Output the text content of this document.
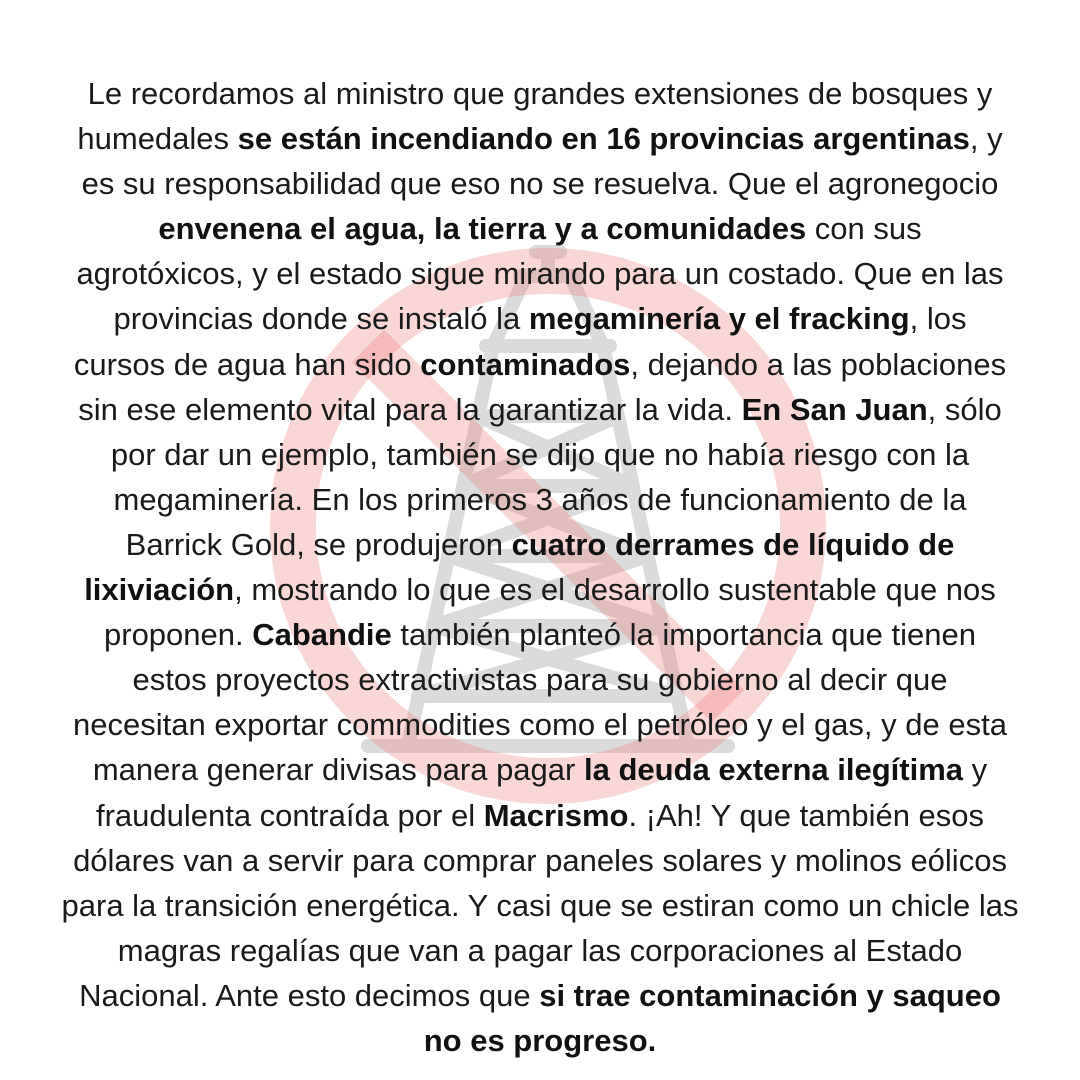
Le recordamos al ministro que grandes extensiones de bosques y
humedales se están incendiando en 16 provincias argentinas, y
es su responsabilidad que eso no se resuelva. Que el agronegocio
envenena el agua, la tierra y a comunidades con sus
agrotóxicos, y el estado sigue mirando para un costado. Que en las
provincias donde se instaló la megaminería y el fracking, los
cursos de agua han sido contaminados, dejando a las poblaciones
sin ese elemento vital para la garantizar la vida. En San Juan, sólo
por dar un ejemplo, también se dijo que no había riesgo con la
megaminería. En los primeros 3 años de funcionamiento de la
Barrick Gold, se produjeron cuatro derrames de líquido de
lixiviación, mostrando lo que es el desarrollo sustentable que nos
proponen. Cabandie también planteó la importancia que tienen
estos proyectos extractivistas para su gobierno al decir que
necesitan exportar commodities como el petróleo y el gas, y de esta
manera generar divisas para pagar la deuda externa ilegítima y
fraudulenta contraída por el Macrismo. ¡Ah! Y que también esos
dólares van a servir para comprar paneles solares y molinos eólicos
para la transición energética. Y casi que se estiran como un chicle las
magras regalías que van a pagar las corporaciones al Estado
Nacional. Ante esto decimos que si trae contaminación y saqueo
no es progreso.
